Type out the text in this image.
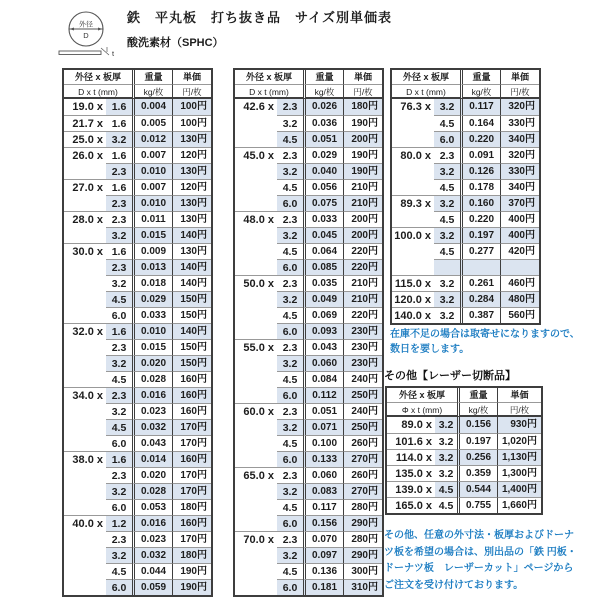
外径
D
t
鉄　平丸板　打ち抜き品　サイズ別単価表
酸洗素材（SPHC）
外径 x 板厚	重量	単価
D x t (mm)	kg/枚	円/枚
19.0 x 1.6	0.004	100円
21.7 x 1.6	0.005	100円
25.0 x 3.2	0.012	130円
26.0 x 1.6	0.007	120円
2.3	0.010	130円
27.0 x 1.6	0.007	120円
2.3	0.010	130円
28.0 x 2.3	0.011	130円
3.2	0.015	140円
30.0 x 1.6	0.009	130円
2.3	0.013	140円
3.2	0.018	140円
4.5	0.029	150円
6.0	0.033	150円
32.0 x 1.6	0.010	140円
2.3	0.015	150円
3.2	0.020	150円
4.5	0.028	160円
34.0 x 2.3	0.016	160円
3.2	0.023	160円
4.5	0.032	170円
6.0	0.043	170円
38.0 x 1.6	0.014	160円
2.3	0.020	170円
3.2	0.028	170円
6.0	0.053	180円
40.0 x 1.2	0.016	160円
2.3	0.023	170円
3.2	0.032	180円
4.5	0.044	190円
6.0	0.059	190円
外径 x 板厚	重量	単価
D x t (mm)	kg/枚	円/枚
42.6 x 2.3	0.026	180円
3.2	0.036	190円
4.5	0.051	200円
45.0 x 2.3	0.029	190円
3.2	0.040	190円
4.5	0.056	210円
6.0	0.075	210円
48.0 x 2.3	0.033	200円
3.2	0.045	200円
4.5	0.064	220円
6.0	0.085	220円
50.0 x 2.3	0.035	210円
3.2	0.049	210円
4.5	0.069	220円
6.0	0.093	230円
55.0 x 2.3	0.043	230円
3.2	0.060	230円
4.5	0.084	240円
6.0	0.112	250円
60.0 x 2.3	0.051	240円
3.2	0.071	250円
4.5	0.100	260円
6.0	0.133	270円
65.0 x 2.3	0.060	260円
3.2	0.083	270円
4.5	0.117	280円
6.0	0.156	290円
70.0 x 2.3	0.070	280円
3.2	0.097	290円
4.5	0.136	300円
6.0	0.181	310円
外径 x 板厚	重量	単価
D x t (mm)	kg/枚	円/枚
76.3 x 3.2	0.117	320円
4.5	0.164	330円
6.0	0.220	340円
80.0 x 2.3	0.091	320円
3.2	0.126	330円
4.5	0.178	340円
89.3 x 3.2	0.160	370円
4.5	0.220	400円
100.0 x 3.2	0.197	400円
4.5	0.277	420円
115.0 x 3.2	0.261	460円
120.0 x 3.2	0.284	480円
140.0 x 3.2	0.387	560円
在庫不足の場合は取寄せになりますので、
数日を要します。
その他【レーザー切断品】
外径 x 板厚	重量	単価
Φ x t (mm)	kg/枚	円/枚
89.0 x 3.2	0.156	930円
101.6 x 3.2	0.197	1,020円
114.0 x 3.2	0.256	1,130円
135.0 x 3.2	0.359	1,300円
139.0 x 4.5	0.544	1,400円
165.0 x 4.5	0.755	1,660円
その他、任意の外寸法・板厚およびドーナ
ツ板を希望の場合は、別出品の「鉄 円板・
ドーナツ板　レーザーカット」ページから
ご注文を受け付けております。
